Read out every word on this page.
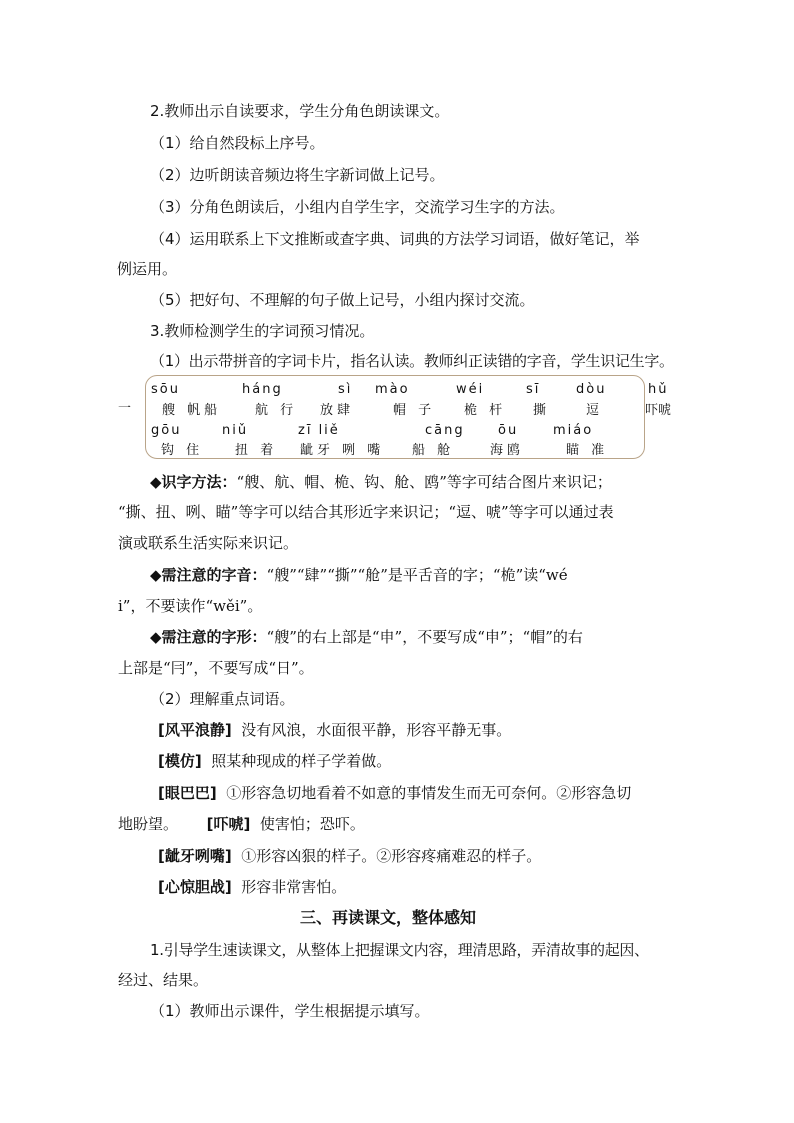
2.教师出示自读要求，学生分角色朗读课文。
（1）给自然段标上序号。
（2）边听朗读音频边将生字新词做上记号。
（3）分角色朗读后，小组内自学生字，交流学习生字的方法。
（4）运用联系上下文推断或查字典、词典的方法学习词语，做好笔记，举
例运用。
（5）把好句、不理解的句子做上记号，小组内探讨交流。
3.教师检测学生的字词预习情况。
（1）出示带拼音的字词卡片，指名认读。教师纠正读错的字音，学生识记生字。
一
sōu
艘 帆船
háng
航 行
sì
放肆
mào
帽 子
wéi
桅 杆
sī
撕
dòu
逗
hǔ
吓唬
gōu
钩 住
niǔ
扭 着
zī liě
龇牙 咧 嘴
cāng
船 舱
ōu
海鸥
miáo
瞄 准
◆识字方法：“艘、航、帽、桅、钩、舱、鸥”等字可结合图片来识记；
“撕、扭、咧、瞄”等字可以结合其形近字来识记；“逗、唬”等字可以通过表
演或联系生活实际来识记。
◆需注意的字音：“艘”“肆”“撕”“舱”是平舌音的字；“桅”读“wé
i”，不要读作“wěi”。
◆需注意的字形：“艘”的右上部是“申”，不要写成“申”；“帽”的右
上部是“冃”，不要写成“日”。
（2）理解重点词语。
[风平浪静] 没有风浪，水面很平静，形容平静无事。
[模仿] 照某种现成的样子学着做。
[眼巴巴] ①形容急切地看着不如意的事情发生而无可奈何。②形容急切
地盼望。 [吓唬] 使害怕；恐吓。
[龇牙咧嘴] ①形容凶狠的样子。②形容疼痛难忍的样子。
[心惊胆战] 形容非常害怕。
三、再读课文，整体感知
1.引导学生速读课文，从整体上把握课文内容，理清思路，弄清故事的起因、
经过、结果。
（1）教师出示课件，学生根据提示填写。
